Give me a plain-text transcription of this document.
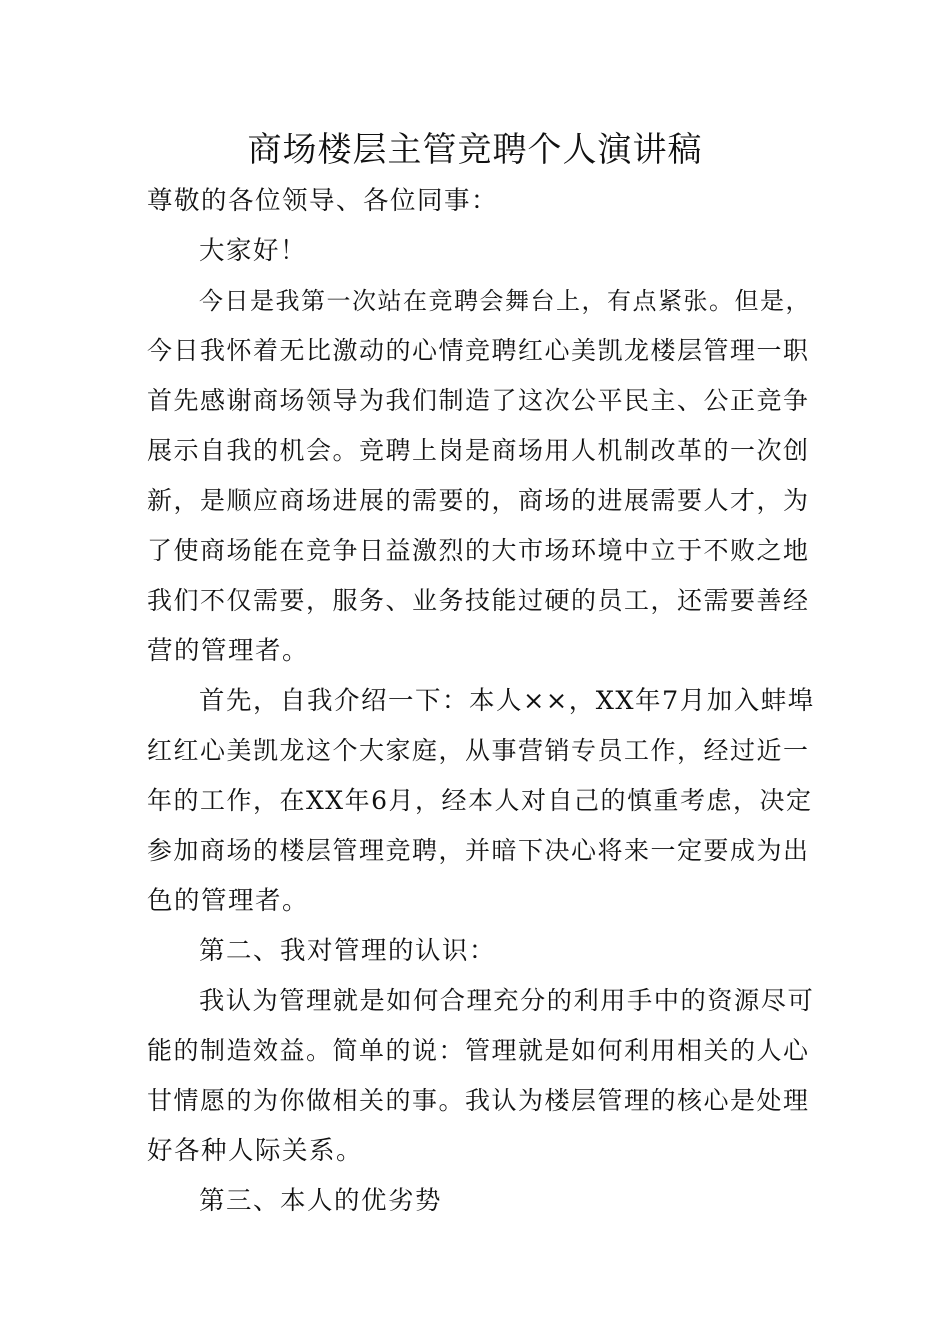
商场楼层主管竞聘个人演讲稿

尊敬的各位领导、各位同事：

大家好！

今日是我第一次站在竞聘会舞台上，有点紧张。但是，

今日我怀着无比激动的心情竞聘红心美凯龙楼层管理一职

首先感谢商场领导为我们制造了这次公平民主、公正竞争

展示自我的机会。竞聘上岗是商场用人机制改革的一次创

新，是顺应商场进展的需要的，商场的进展需要人才，为

了使商场能在竞争日益激烈的大市场环境中立于不败之地

我们不仅需要，服务、业务技能过硬的员工，还需要善经

营的管理者。

首先，自我介绍一下：本人××，XX年7月加入蚌埠

红红心美凯龙这个大家庭，从事营销专员工作，经过近一

年的工作，在XX年6月，经本人对自己的慎重考虑，决定

参加商场的楼层管理竞聘，并暗下决心将来一定要成为出

色的管理者。

第二、我对管理的认识：

我认为管理就是如何合理充分的利用手中的资源尽可

能的制造效益。简单的说：管理就是如何利用相关的人心

甘情愿的为你做相关的事。我认为楼层管理的核心是处理

好各种人际关系。

第三、本人的优劣势
